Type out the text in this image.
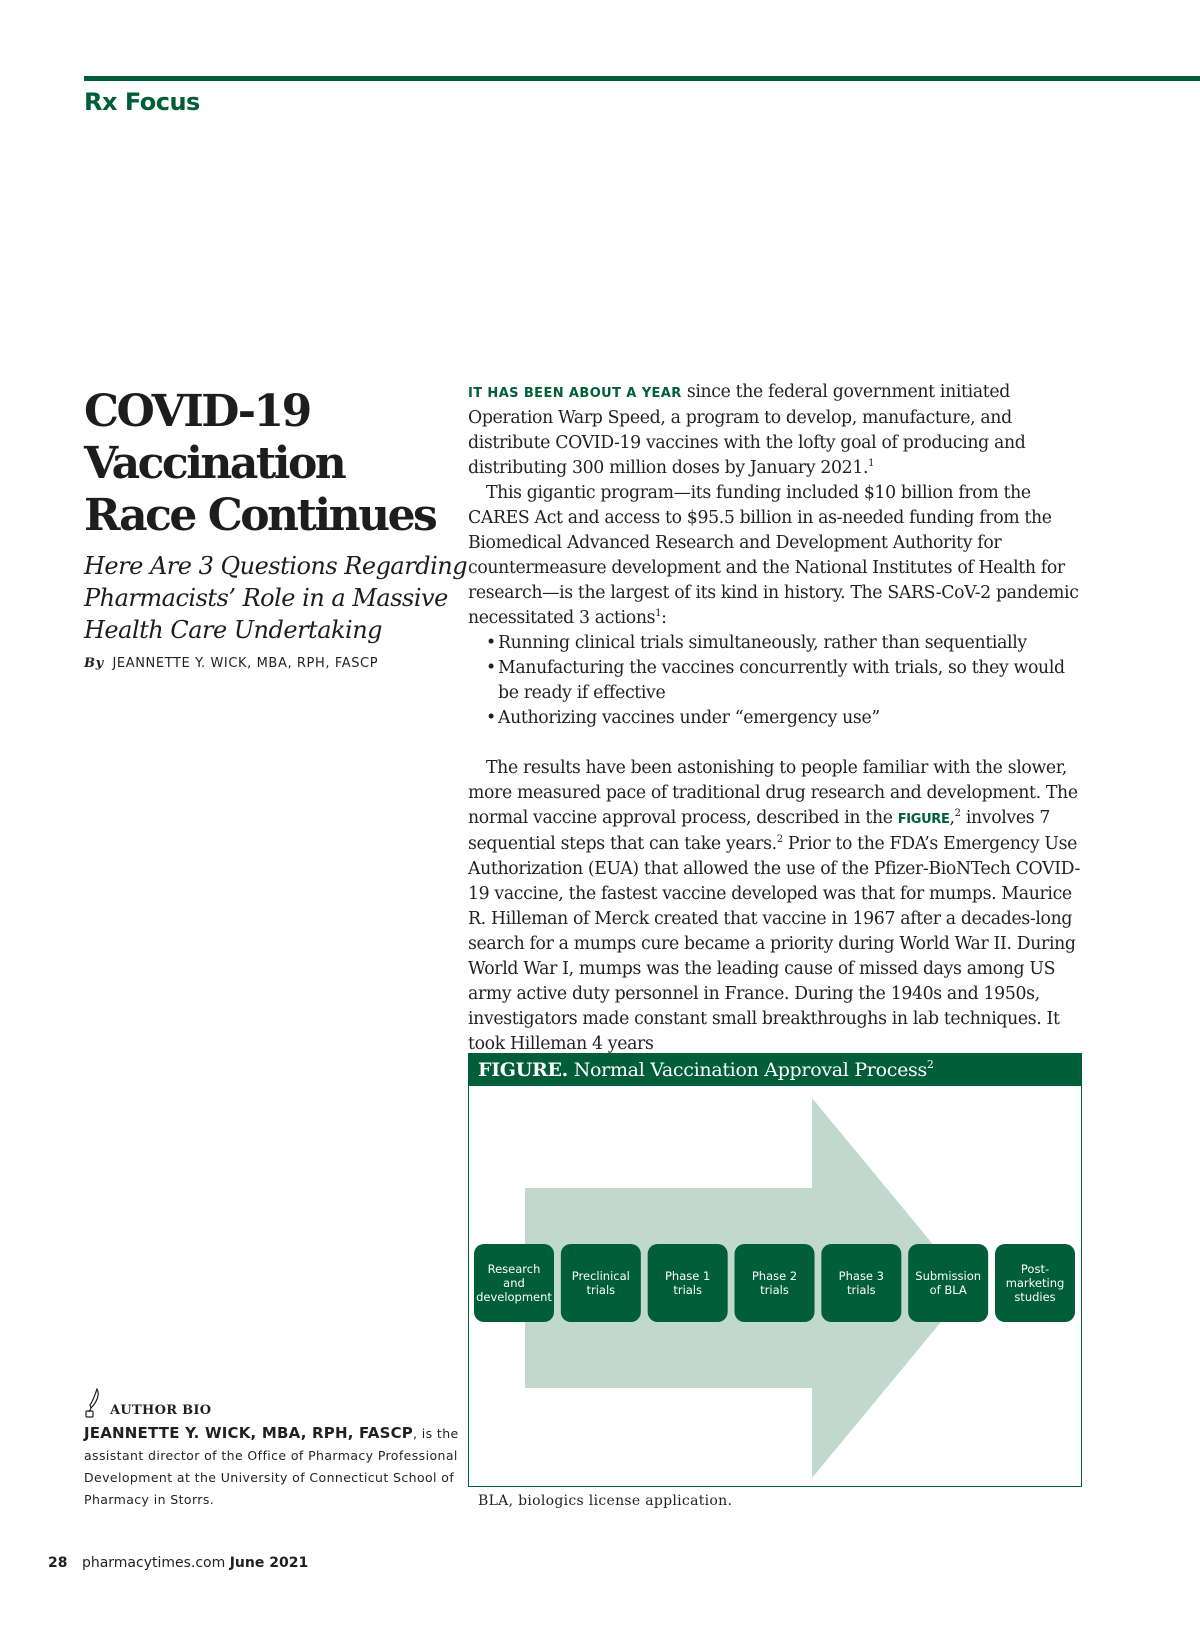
Rx Focus
COVID-19
Vaccination
Race Continues
Here Are 3 Questions Regarding
Pharmacists’ Role in a Massive
Health Care Undertaking
By JEANNETTE Y. WICK, MBA, RPH, FASCP

IT HAS BEEN ABOUT A YEAR since the federal government initiated Operation Warp Speed, a program to develop, manufacture, and distribute COVID-19 vaccines with the lofty goal of producing and distributing 300 million doses by January 2021.$^1$

This gigantic program—its funding included $10 billion from the CARES Act and access to $95.5 billion in as-needed funding from the Biomedical Advanced Research and Development Authority for countermeasure development and the National Institutes of Health for research—is the largest of its kind in history. The SARS-CoV-2 pandemic necessitated 3 actions$^1$:

• Running clinical trials simultaneously, rather than sequentially
• Manufacturing the vaccines concurrently with trials, so they would be ready if effective
• Authorizing vaccines under “emergency use”

The results have been astonishing to people familiar with the slower, more measured pace of traditional drug research and development. The normal vaccine approval process, described in the FIGURE,$^2$ involves 7 sequential steps that can take years.$^2$ Prior to the FDA’s Emergency Use Authorization (EUA) that allowed the use of the Pfizer-BioNTech COVID-19 vaccine, the fastest vaccine developed was that for mumps. Maurice R. Hilleman of Merck created that vaccine in 1967 after a decades-long search for a mumps cure became a priority during World War II. During World War I, mumps was the leading cause of missed days among US army active duty personnel in France. During the 1940s and 1950s, investigators made constant small breakthroughs in lab techniques. It took Hilleman 4 years

FIGURE. Normal Vaccination Approval Process$^2$
Research
and
development
Preclinical
trials
Phase 1
trials
Phase 2
trials
Phase 3
trials
Submission
of BLA
Post-
marketing
studies
BLA, biologics license application.
AUTHOR BIO
JEANNETTE Y. WICK, MBA, RPH, FASCP, is the assistant director of the Office of Pharmacy Professional Development at the University of Connecticut School of Pharmacy in Storrs.
28 pharmacytimes.com June 2021
